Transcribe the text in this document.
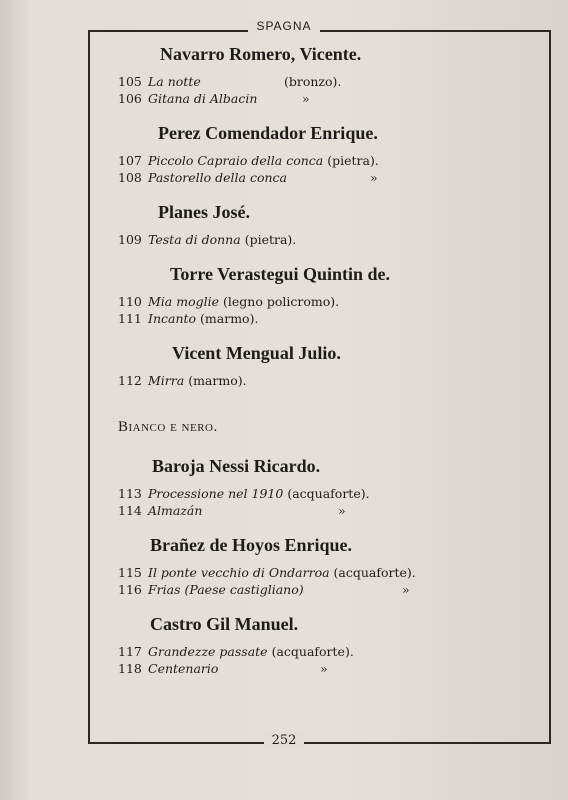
SPAGNA
Navarro Romero, Vicente.
105 La notte	(bronzo).
106 Gitana di Albacin	»
Perez Comendador Enrique.
107 Piccolo Capraio della conca (pietra).
108 Pastorello della conca	»
Planes José.
109 Testa di donna (pietra).
Torre Verastegui Quintin de.
110 Mia moglie (legno policromo).
111 Incanto (marmo).
Vicent Mengual Julio.
112 Mirra (marmo).
Bianco e nero.
Baroja Nessi Ricardo.
113 Processione nel 1910 (acquaforte).
114 Almazán	»
Brañez de Hoyos Enrique.
115 Il ponte vecchio di Ondarroa (acquaforte).
116 Frias (Paese castigliano)	»
Castro Gil Manuel.
117 Grandezze passate (acquaforte).
118 Centenario	»
252
